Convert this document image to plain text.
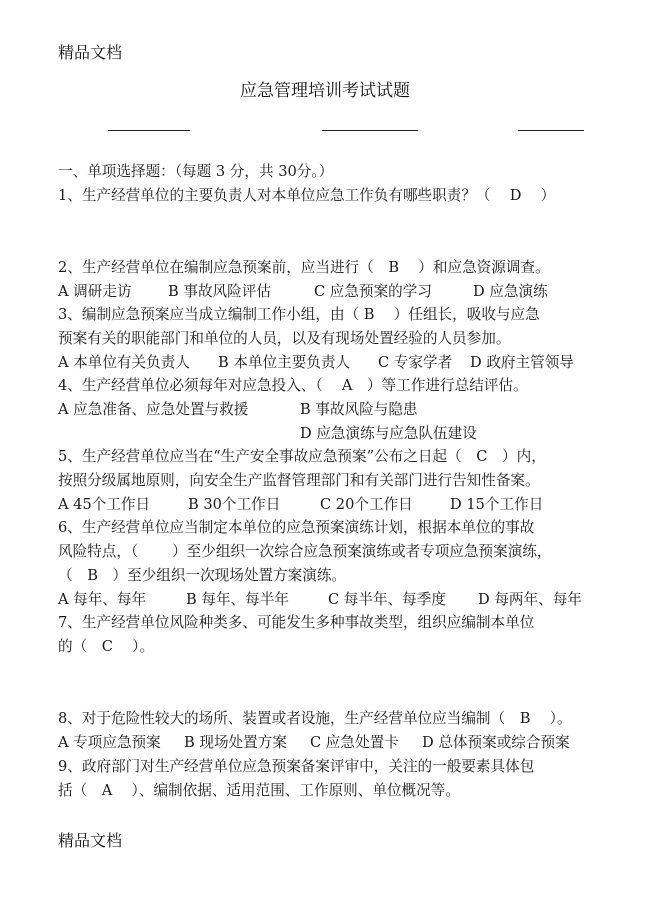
精品文档
应急管理培训考试试题
一、单项选择题：（每题 3 分，共 30分。）
1、生产经营单位的主要负责人对本单位应急工作负有哪些职责？（　 D　 ）
2、生产经营单位在编制应急预案前，应当进行（　B　 ）和应急资源调查。
A 调研走访 B 事故风险评估	C 应急预案的学习	D 应急演练
3、编制应急预案应当成立编制工作小组，由（ B　 ）任组长，吸收与应急
预案有关的职能部门和单位的人员，以及有现场处置经验的人员参加。
A 本单位有关负责人 B 本单位主要负责人 C 专家学者 D 政府主管领导
4、生产经营单位必须每年对应急投入、（　 A　）等工作进行总结评估。
A 应急准备、应急处置与救援	B 事故风险与隐患
D 应急演练与应急队伍建设
5、生产经营单位应当在“生产安全事故应急预案”公布之日起（　C　）内，
按照分级属地原则，向安全生产监督管理部门和有关部门进行告知性备案。
A 45个工作日	B 30个工作日	C 20个工作日	D 15个工作日
6、生产经营单位应当制定本单位的应急预案演练计划，根据本单位的事故
风险特点，（　　 ）至少组织一次综合应急预案演练或者专项应急预案演练，
（　B　）至少组织一次现场处置方案演练。
A 每年、每年	B 每年、每半年	C 每半年、每季度 D 每两年、每年
7、生产经营单位风险种类多、可能发生多种事故类型，组织应编制本单位
的（　C　 ）。
8、对于危险性较大的场所、装置或者设施，生产经营单位应当编制（　B　 ）。
A 专项应急预案 B 现场处置方案 C 应急处置卡 D 总体预案或综合预案
9、政府部门对生产经营单位应急预案备案评审中，关注的一般要素具体包
括（　A　 ）、编制依据、适用范围、工作原则、单位概况等。
精品文档
